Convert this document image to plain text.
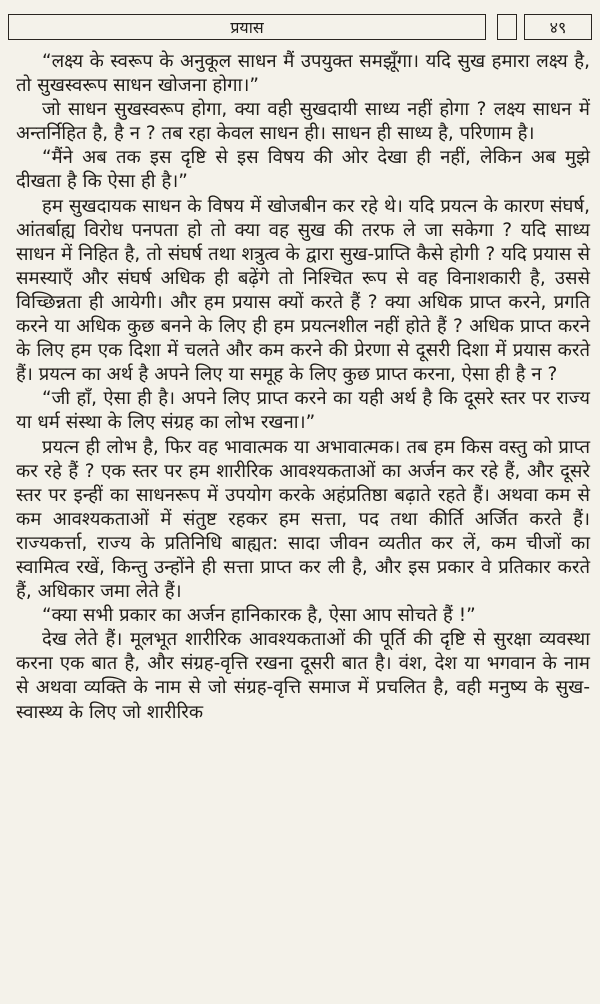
प्रयास	४९

“लक्ष्य के स्वरूप के अनुकूल साधन मैं उपयुक्त समझूँगा। यदि सुख हमारा लक्ष्य है, तो सुखस्वरूप साधन खोजना होगा।”

जो साधन सुखस्वरूप होगा, क्या वही सुखदायी साध्य नहीं होगा ? लक्ष्य साधन में अन्तर्निहित है, है न ? तब रहा केवल साधन ही। साधन ही साध्य है, परिणाम है।

“मैंने अब तक इस दृष्टि से इस विषय की ओर देखा ही नहीं, लेकिन अब मुझे दीखता है कि ऐसा ही है।”

हम सुखदायक साधन के विषय में खोजबीन कर रहे थे। यदि प्रयत्न के कारण संघर्ष, आंतर्बाह्य विरोध पनपता हो तो क्या वह सुख की तरफ ले जा सकेगा ? यदि साध्य साधन में निहित है, तो संघर्ष तथा शत्रुत्व के द्वारा सुख-प्राप्ति कैसे होगी ? यदि प्रयास से समस्याएँ और संघर्ष अधिक ही बढ़ेंगे तो निश्चित रूप से वह विनाशकारी है, उससे विच्छिन्नता ही आयेगी। और हम प्रयास क्यों करते हैं ? क्या अधिक प्राप्त करने, प्रगति करने या अधिक कुछ बनने के लिए ही हम प्रयत्नशील नहीं होते हैं ? अधिक प्राप्त करने के लिए हम एक दिशा में चलते और कम करने की प्रेरणा से दूसरी दिशा में प्रयास करते हैं। प्रयत्न का अर्थ है अपने लिए या समूह के लिए कुछ प्राप्त करना, ऐसा ही है न ?

“जी हाँ, ऐसा ही है। अपने लिए प्राप्त करने का यही अर्थ है कि दूसरे स्तर पर राज्य या धर्म संस्था के लिए संग्रह का लोभ रखना।”

प्रयत्न ही लोभ है, फिर वह भावात्मक या अभावात्मक। तब हम किस वस्तु को प्राप्त कर रहे हैं ? एक स्तर पर हम शारीरिक आवश्यकताओं का अर्जन कर रहे हैं, और दूसरे स्तर पर इन्हीं का साधनरूप में उपयोग करके अहंप्रतिष्ठा बढ़ाते रहते हैं। अथवा कम से कम आवश्यकताओं में संतुष्ट रहकर हम सत्ता, पद तथा कीर्ति अर्जित करते हैं। राज्यकर्त्ता, राज्य के प्रतिनिधि बाह्यत: सादा जीवन व्यतीत कर लें, कम चीजों का स्वामित्व रखें, किन्तु उन्होंने ही सत्ता प्राप्त कर ली है, और इस प्रकार वे प्रतिकार करते हैं, अधिकार जमा लेते हैं।

“क्या सभी प्रकार का अर्जन हानिकारक है, ऐसा आप सोचते हैं !”

देख लेते हैं। मूलभूत शारीरिक आवश्यकताओं की पूर्ति की दृष्टि से सुरक्षा व्यवस्था करना एक बात है, और संग्रह-वृत्ति रखना दूसरी बात है। वंश, देश या भगवान के नाम से अथवा व्यक्ति के नाम से जो संग्रह-वृत्ति समाज में प्रचलित है, वही मनुष्य के सुख-स्वास्थ्य के लिए जो शारीरिक
